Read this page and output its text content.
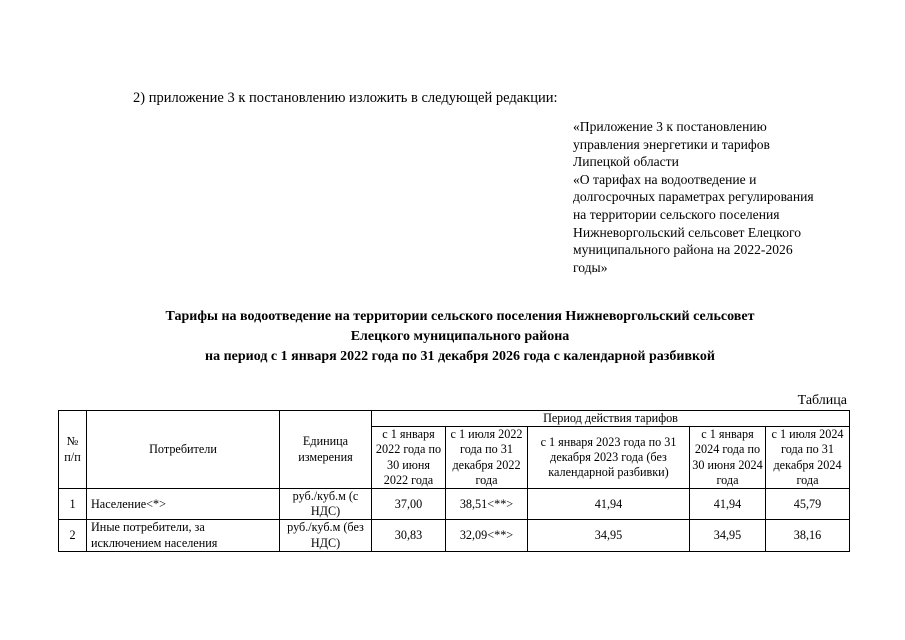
2) приложение 3 к постановлению изложить в следующей редакции:
«Приложение 3 к постановлению
управления энергетики и тарифов
Липецкой области
«О тарифах на водоотведение и
долгосрочных параметрах регулирования
на территории сельского поселения
Нижневоргольский сельсовет Елецкого
муниципального района на 2022-2026
годы»
Тарифы на водоотведение на территории сельского поселения Нижневоргольский сельсовет
Елецкого муниципального района
на период с 1 января 2022 года по 31 декабря 2026 года с календарной разбивкой
Таблица
№ п/п	Потребители	Единица измерения	Период действия тарифов				
			с 1 января 2022 года по 30 июня 2022 года	с 1 июля 2022 года по 31 декабря 2022 года	с 1 января 2023 года по 31 декабря 2023 года (без календарной разбивки)	с 1 января 2024 года по 30 июня 2024 года	с 1 июля 2024 года по 31 декабря 2024 года
1	Население<*>	руб./куб.м (с НДС)	37,00	38,51<**>	41,94	41,94	45,79
2	Иные потребители, за исключением населения	руб./куб.м (без НДС)	30,83	32,09<**>	34,95	34,95	38,16
